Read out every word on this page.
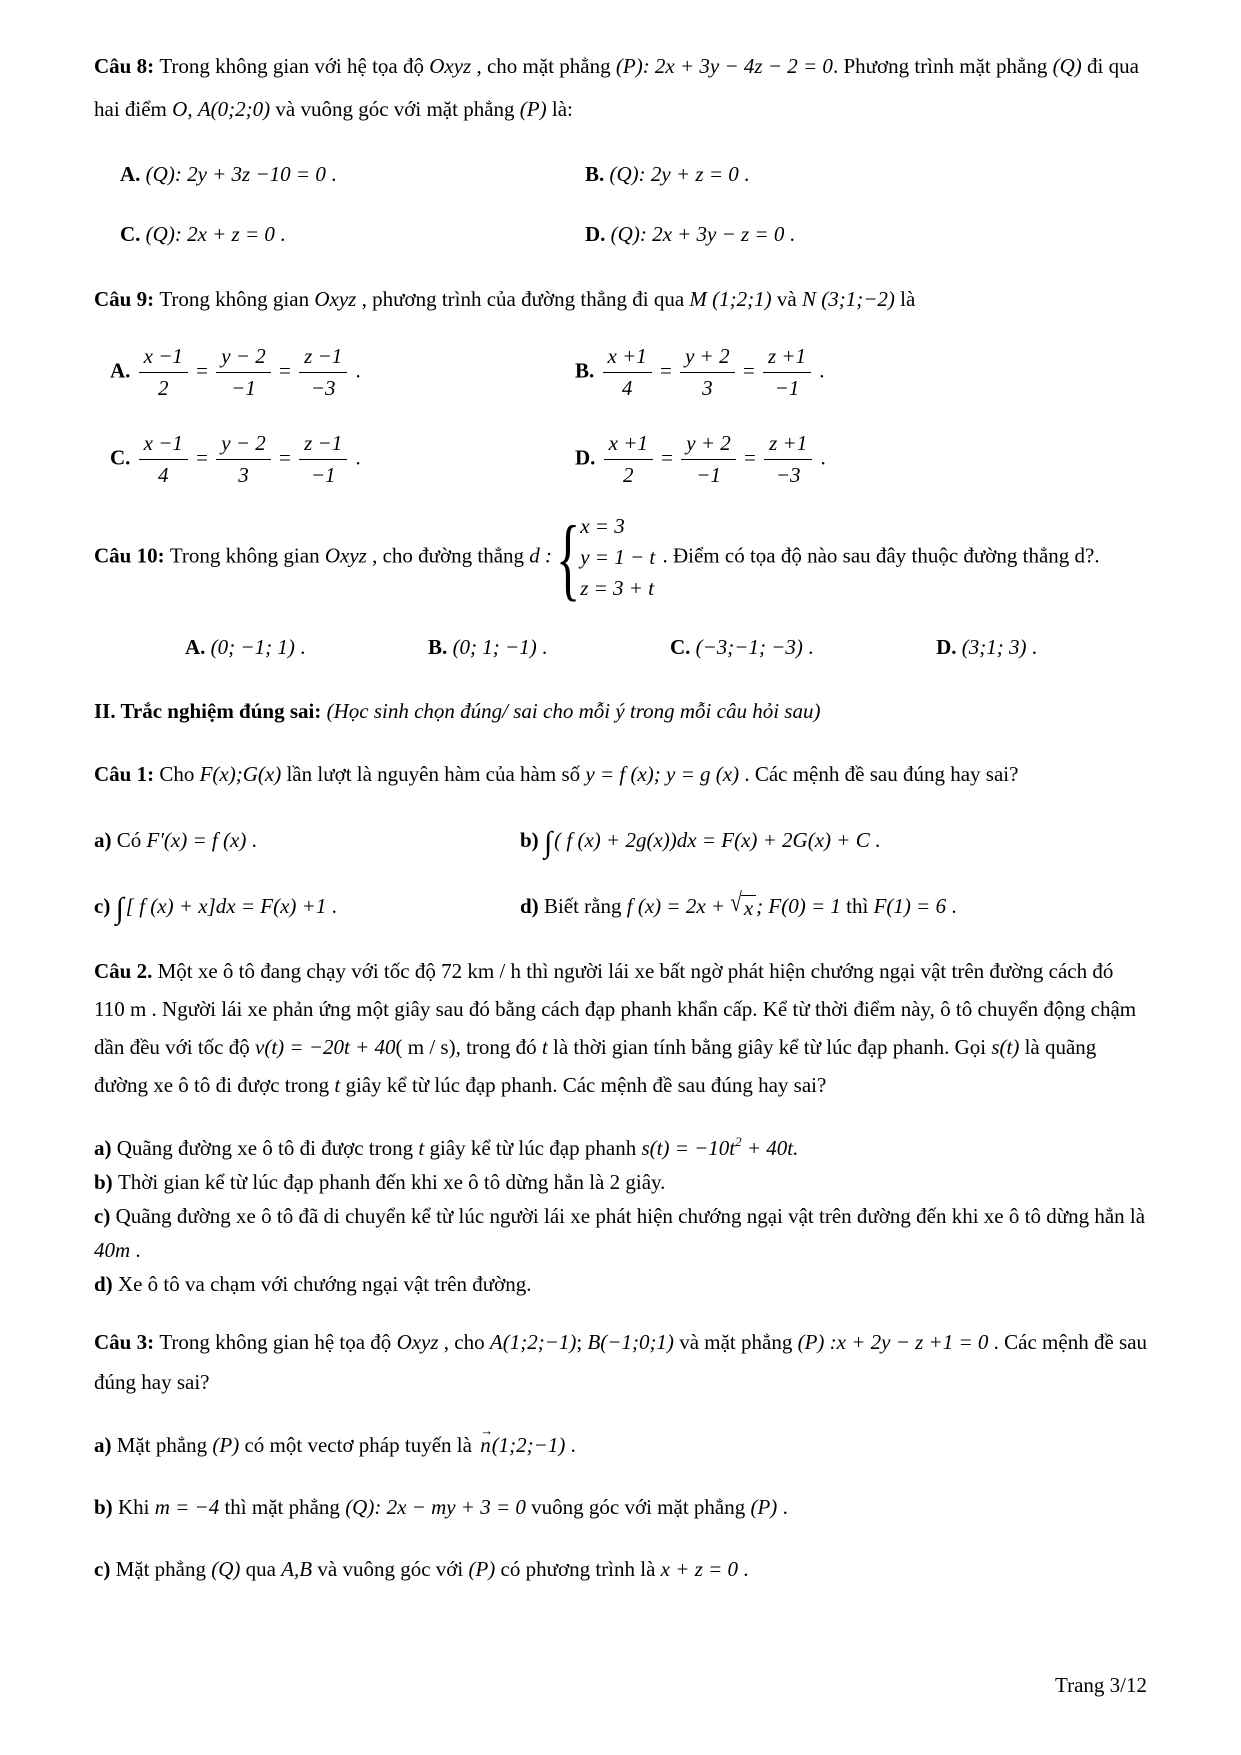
Câu 8: Trong không gian với hệ tọa độ Oxyz , cho mặt phẳng (P): 2x + 3y − 4z − 2 = 0. Phương trình mặt phẳng (Q) đi qua hai điểm O, A(0;2;0) và vuông góc với mặt phẳng (P) là:

A. (Q): 2y + 3z −10 = 0 .	B. (Q): 2y + z = 0 .

C. (Q): 2x + z = 0 .	D. (Q): 2x + 3y − z = 0 .

Câu 9: Trong không gian Oxyz , phương trình của đường thẳng đi qua M (1;2;1) và N (3;1;−2) là

A. $\frac{x -1}{2} = \frac{y - 2}{-1} = \frac{z -1}{-3}$ .	B. $\frac{x +1}{4} = \frac{y + 2}{3} = \frac{z +1}{-1}$ .

C. $\frac{x -1}{4} = \frac{y - 2}{3} = \frac{z -1}{-1}$ .	D. $\frac{x +1}{2} = \frac{y + 2}{-1} = \frac{z +1}{-3}$ .

Câu 10: Trong không gian Oxyz , cho đường thẳng d : { x = 3
y = 1 − t
z = 3 + t
. Điểm có tọa độ nào sau đây thuộc đường thẳng d?.

A. (0; −1; 1) .	B. (0; 1; −1) .	C. (−3;−1; −3) .	D. (3;1; 3) .

II. Trắc nghiệm đúng sai: (Học sinh chọn đúng/ sai cho mỗi ý trong mỗi câu hỏi sau)

Câu 1: Cho F(x);G(x) lần lượt là nguyên hàm của hàm số y = f (x); y = g (x) . Các mệnh đề sau đúng hay sai?

a) Có F′(x) = f (x) .	b) ∫( f (x) + 2g(x))dx = F(x) + 2G(x) + C .

c) ∫[ f (x) + x]dx = F(x) +1 .	d) Biết rằng f (x) = 2x + √x ; F(0) = 1 thì F(1) = 6 .

Câu 2. Một xe ô tô đang chạy với tốc độ 72 km / h thì người lái xe bất ngờ phát hiện chướng ngại vật trên đường cách đó 110 m . Người lái xe phản ứng một giây sau đó bằng cách đạp phanh khẩn cấp. Kể từ thời điểm này, ô tô chuyển động chậm dần đều với tốc độ v(t) = −20t + 40( m / s), trong đó t là thời gian tính bằng giây kể từ lúc đạp phanh. Gọi s(t) là quãng đường xe ô tô đi được trong t giây kể từ lúc đạp phanh. Các mệnh đề sau đúng hay sai?

a) Quãng đường xe ô tô đi được trong t giây kể từ lúc đạp phanh $s(t) = -10t^2 + 40t$.

b) Thời gian kể từ lúc đạp phanh đến khi xe ô tô dừng hẳn là 2 giây.

c) Quãng đường xe ô tô đã di chuyển kể từ lúc người lái xe phát hiện chướng ngại vật trên đường đến khi xe ô tô dừng hẳn là 40m .

d) Xe ô tô va chạm với chướng ngại vật trên đường.

Câu 3: Trong không gian hệ tọa độ Oxyz , cho A(1;2;−1); B(−1;0;1) và mặt phẳng (P) :x + 2y − z +1 = 0 . Các mệnh đề sau đúng hay sai?

a) Mặt phẳng (P) có một vectơ pháp tuyến là n →(1;2;−1) .

b) Khi m = −4 thì mặt phẳng (Q): 2x − my + 3 = 0 vuông góc với mặt phẳng (P) .

c) Mặt phẳng (Q) qua A,B và vuông góc với (P) có phương trình là x + z = 0 .

Trang 3/12
